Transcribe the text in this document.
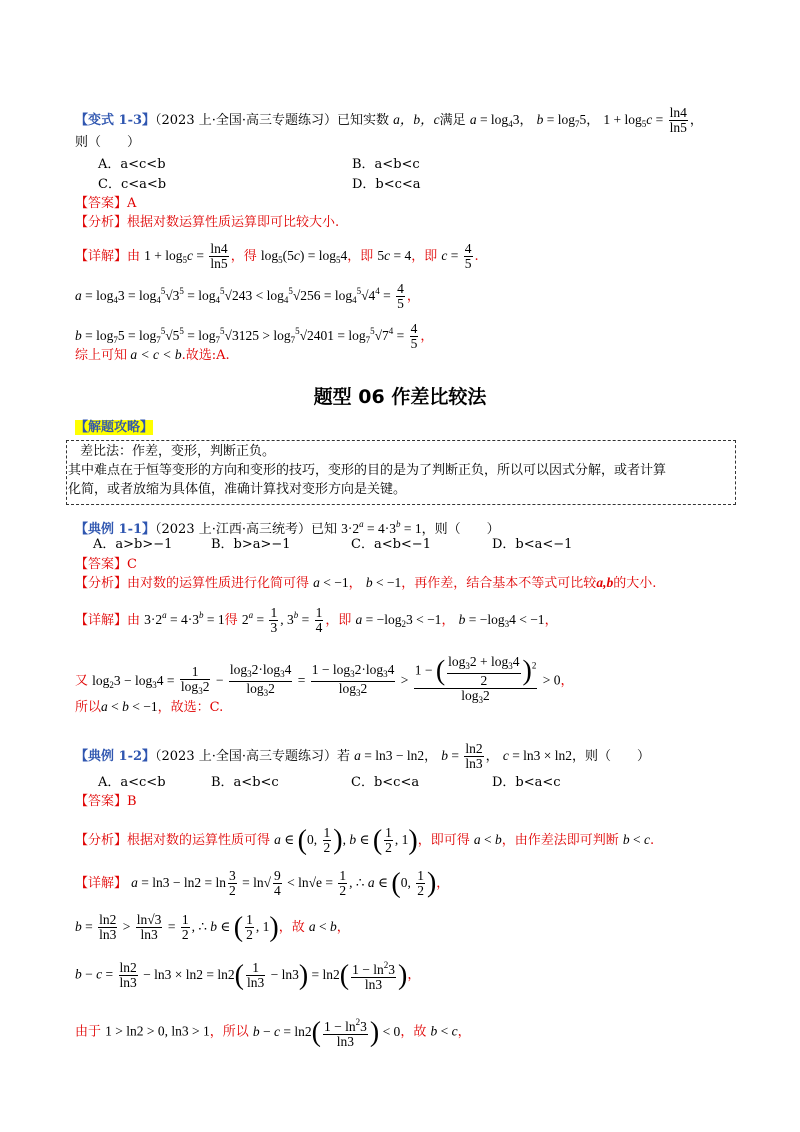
【变式 1-3】（2023 上·全国·高三专题练习）已知实数 a，b，c满足 $a = \log_43$， $b = \log_75$， $1 + \log_5c = \frac{\ln 4}{\ln 5}$ ，
则（　　）
A．a<c<b	B．a<b<c
C．c<a<b	D．b<c<a
【答案】A
【分析】根据对数运算性质运算即可比较大小.
【详解】由 $1 + \log_5c = \frac{\ln 4}{\ln 5}$ ，得 $\log_5(5c) = \log_54$，即 5c = 4，即 $c = \frac{4}{5}$ .
$a = \log_43 = \log_4^5√3^5 = \log_4^5√243 < \log_4^5√256 = \log_4^5√4^4 = \frac{4}{5}$ ，
$b = \log_75 = \log_7^5√5^5 = \log_7^5√3125 > \log_7^5√2401 = \log_7^5√7^4 = \frac{4}{5}$ ，
综上可知 a < c < b.故选:A.
题型 06 作差比较法
【解题攻略】
差比法：作差，变形，判断正负。
其中难点在于恒等变形的方向和变形的技巧，变形的目的是为了判断正负，所以可以因式分解，或者计算
化简，或者放缩为具体值，准确计算找对变形方向是关键。
【典例 1-1】（2023 上·江西·高三统考）已知 $3\cdot 2^a = 4\cdot 3^b = 1$，则（　　）
A．a>b>−1	B．b>a>−1	C．a<b<−1	D．b<a<−1
【答案】C
【分析】由对数的运算性质进行化简可得 a < −1， b < −1，再作差，结合基本不等式可比较a,b的大小.
【详解】由 $3\cdot 2^a = 4\cdot 3^b = 1$得 $2^a = \frac{1}{3}$ , $3^b = \frac{1}{4}$ ，即 $a = -\log_23 < -1$， $b = -\log_34 < -1$，
又 $\log_23 - \log_34 = \frac{1}{\log_32} - \frac{\log_32\cdot\log_34}{\log_32} = \frac{1 - \log_32\cdot\log_34}{\log_32} > \frac{1 - ( \frac{\log_32 + \log_34}{2} )^2}{\log_32} > 0$，
所以a < b < −1，故选：C.
【典例 1-2】（2023 上·全国·高三专题练习）若 a = ln3 − ln2， $b = \frac{\ln 2}{\ln 3}$ ， c = ln3 × ln2，则（　　）
A．a<c<b	B．a<b<c	C．b<c<a	D．b<a<c
【答案】B
【分析】根据对数的运算性质可得 a ∈ (0, $\frac{1}{2}$ ), b ∈ ( $\frac{1}{2}$ , 1)，即可得 a < b，由作差法即可判断 b < c.
【详解】 $a = \ln 3 - \ln 2 = \ln \frac{3}{2} = \ln√ \frac{9}{4} < \ln√e = \frac{1}{2}$ , ∴ a ∈ (0, $\frac{1}{2}$ )，
$b = \frac{\ln 2}{\ln 3} > \frac{\ln√3}{\ln 3} = \frac{1}{2}$ , ∴ b ∈ ( $\frac{1}{2}$ , 1)，故 a < b，
$b - c = \frac{\ln 2}{\ln 3} - \ln 3 \times \ln 2 = \ln 2( \frac{1}{\ln 3} - \ln 3) = \ln 2( \frac{1 - \ln^23}{\ln 3}$ )，
由于 1 > ln2 > 0, ln3 > 1，所以 $b - c = \ln 2( \frac{1 - \ln^23}{\ln 3}$ ) < 0，故 b < c，
